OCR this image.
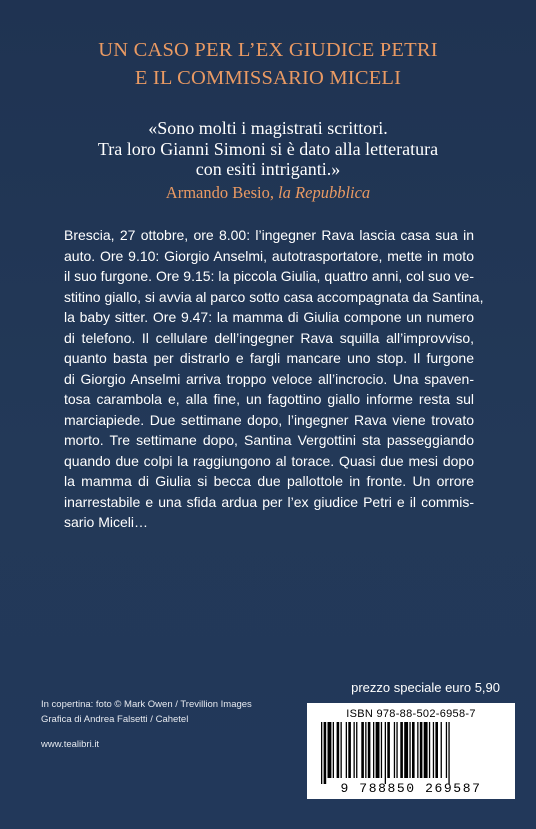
UN CASO PER L’EX GIUDICE PETRI
E IL COMMISSARIO MICELI
«Sono molti i magistrati scrittori.
Tra loro Gianni Simoni si è dato alla letteratura
con esiti intriganti.»
Armando Besio, la Repubblica
Brescia, 27 ottobre, ore 8.00: l’ingegner Rava lascia casa sua in
auto. Ore 9.10: Giorgio Anselmi, autotrasportatore, mette in moto
il suo furgone. Ore 9.15: la piccola Giulia, quattro anni, col suo ve-
stitino giallo, si avvia al parco sotto casa accompagnata da Santina,
la baby sitter. Ore 9.47: la mamma di Giulia compone un numero
di telefono. Il cellulare dell’ingegner Rava squilla all’improvviso,
quanto basta per distrarlo e fargli mancare uno stop. Il furgone
di Giorgio Anselmi arriva troppo veloce all’incrocio. Una spaven-
tosa carambola e, alla fine, un fagottino giallo informe resta sul
marciapiede. Due settimane dopo, l’ingegner Rava viene trovato
morto. Tre settimane dopo, Santina Vergottini sta passeggiando
quando due colpi la raggiungono al torace. Quasi due mesi dopo
la mamma di Giulia si becca due pallottole in fronte. Un orrore
inarrestabile e una sfida ardua per l’ex giudice Petri e il commis-
sario Miceli…
In copertina: foto © Mark Owen / Trevillion Images
Grafica di Andrea Falsetti / Cahetel
www.tealibri.it
prezzo speciale euro 5,90
ISBN 978-88-502-6958-7
9 788850 269587
